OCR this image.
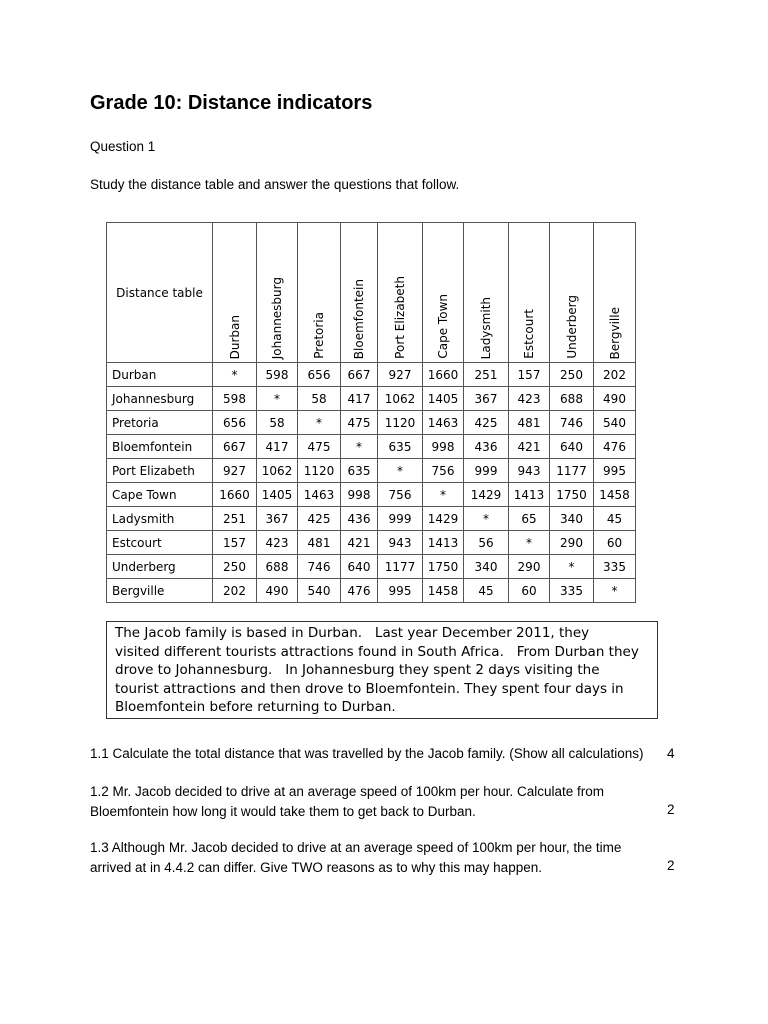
Grade 10: Distance indicators
Question 1
Study the distance table and answer the questions that follow.
Distance table	Durban	Johannesburg	Pretoria	Bloemfontein	Port Elizabeth	Cape Town	Ladysmith	Estcourt	Underberg	Bergville
Durban	*	598	656	667	927	1660	251	157	250	202
Johannesburg	598	*	58	417	1062	1405	367	423	688	490
Pretoria	656	58	*	475	1120	1463	425	481	746	540
Bloemfontein	667	417	475	*	635	998	436	421	640	476
Port Elizabeth	927	1062	1120	635	*	756	999	943	1177	995
Cape Town	1660	1405	1463	998	756	*	1429	1413	1750	1458
Ladysmith	251	367	425	436	999	1429	*	65	340	45
Estcourt	157	423	481	421	943	1413	56	*	290	60
Underberg	250	688	746	640	1177	1750	340	290	*	335
Bergville	202	490	540	476	995	1458	45	60	335	*
The Jacob family is based in Durban.   Last year December 2011, they
visited different tourists attractions found in South Africa.   From Durban they
drove to Johannesburg.   In Johannesburg they spent 2 days visiting the
tourist attractions and then drove to Bloemfontein. They spent four days in
Bloemfontein before returning to Durban.
1.1 Calculate the total distance that was travelled by the Jacob family. (Show all calculations) 4
1.2 Mr. Jacob decided to drive at an average speed of 100km per hour. Calculate from
Bloemfontein how long it would take them to get back to Durban.	2
1.3 Although Mr. Jacob decided to drive at an average speed of 100km per hour, the time
arrived at in 4.4.2 can differ. Give TWO reasons as to why this may happen.	2
